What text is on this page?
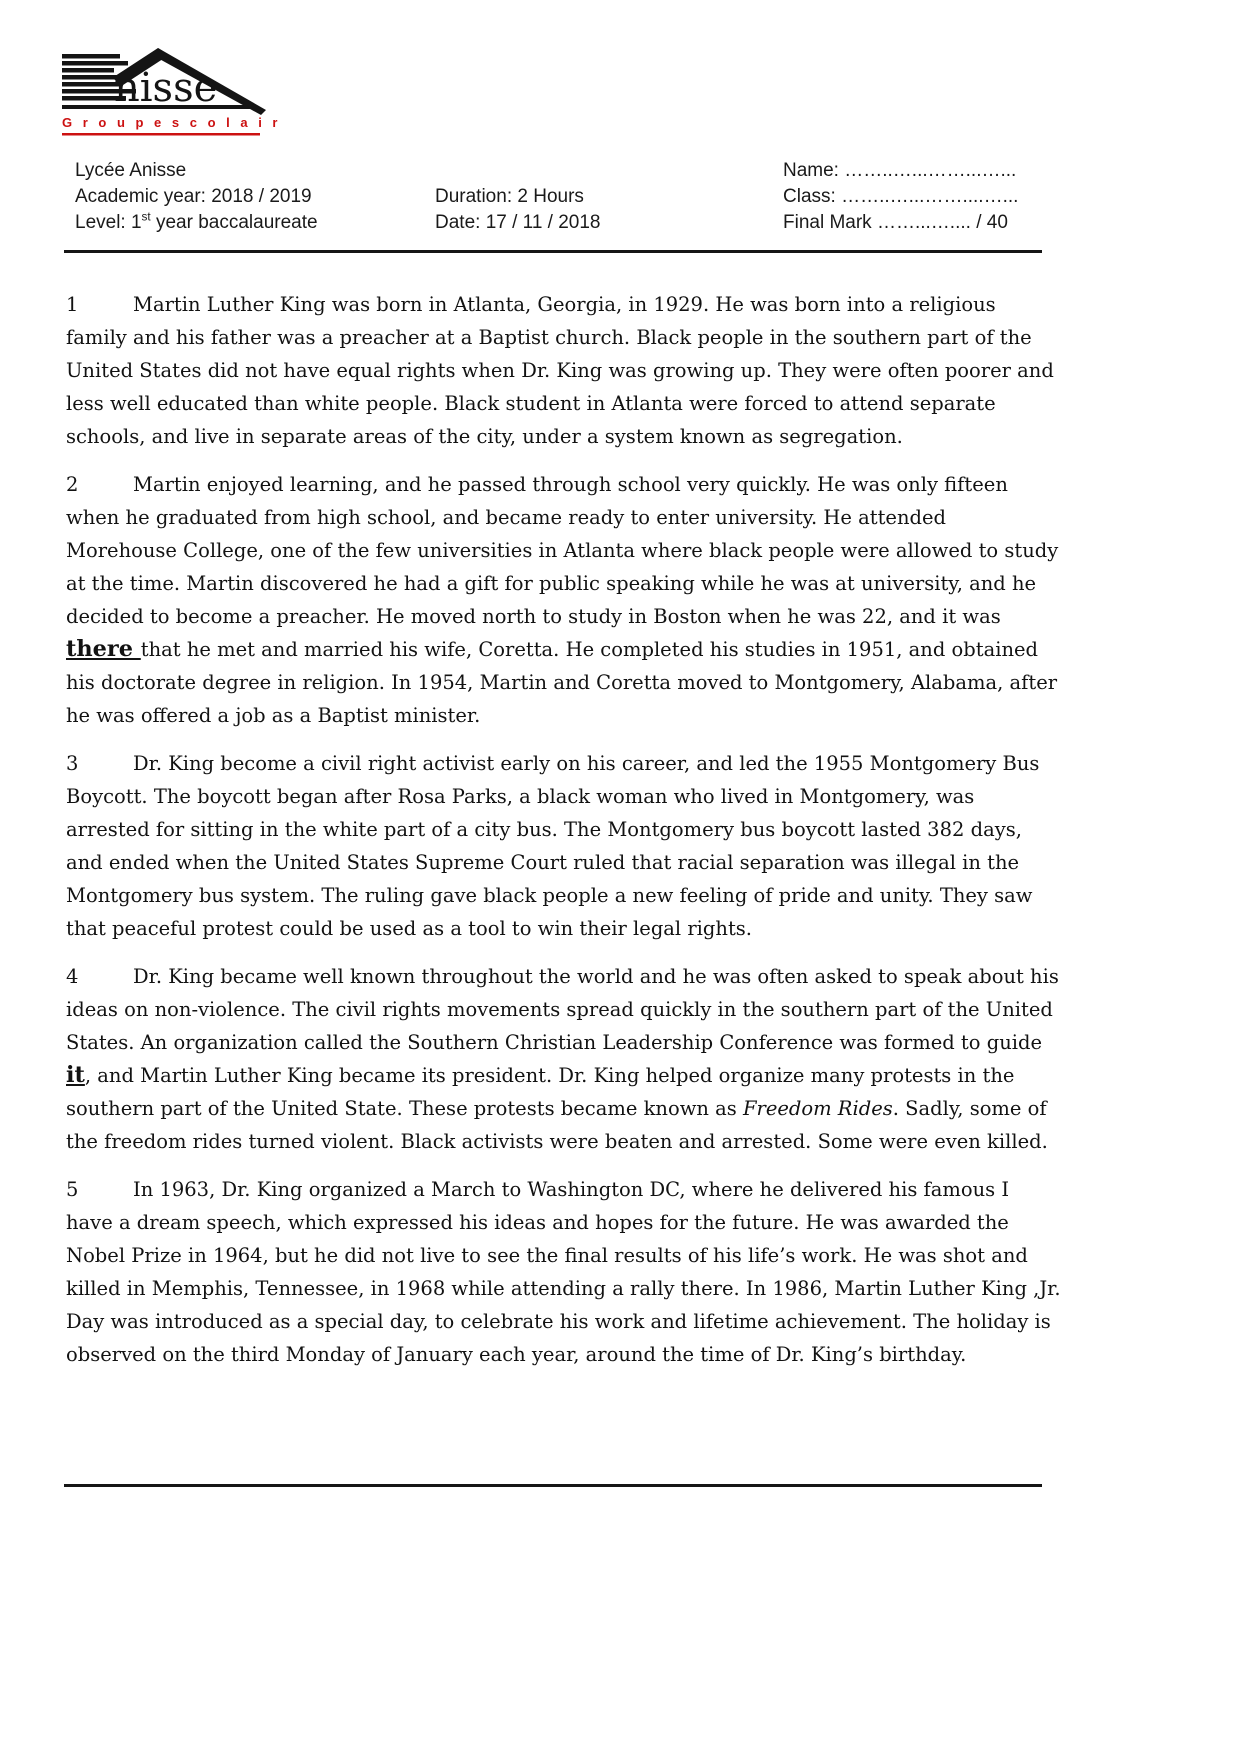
nisse
G r o u p e s c o l a i r e
Lycée Anisse
Academic year: 2018 / 2019
Level: 1st year baccalaureate
Duration: 2 Hours
Date: 17 / 11 / 2018
Name: ……..…...……...…...
Class: ……..…...……....…...
Final Mark ……...….... / 40

1	Martin Luther King was born in Atlanta, Georgia, in 1929. He was born into a religious family and his father was a preacher at a Baptist church. Black people in the southern part of the United States did not have equal rights when Dr. King was growing up. They were often poorer and less well educated than white people. Black student in Atlanta were forced to attend separate schools, and live in separate areas of the city, under a system known as segregation.

2	Martin enjoyed learning, and he passed through school very quickly. He was only fifteen when he graduated from high school, and became ready to enter university. He attended Morehouse College, one of the few universities in Atlanta where black people were allowed to study at the time. Martin discovered he had a gift for public speaking while he was at university, and he decided to become a preacher. He moved north to study in Boston when he was 22, and it was there that he met and married his wife, Coretta. He completed his studies in 1951, and obtained his doctorate degree in religion. In 1954, Martin and Coretta moved to Montgomery, Alabama, after he was offered a job as a Baptist minister.

3	Dr. King become a civil right activist early on his career, and led the 1955 Montgomery Bus Boycott. The boycott began after Rosa Parks, a black woman who lived in Montgomery, was arrested for sitting in the white part of a city bus. The Montgomery bus boycott lasted 382 days, and ended when the United States Supreme Court ruled that racial separation was illegal in the Montgomery bus system. The ruling gave black people a new feeling of pride and unity. They saw that peaceful protest could be used as a tool to win their legal rights.

4	Dr. King became well known throughout the world and he was often asked to speak about his ideas on non-violence. The civil rights movements spread quickly in the southern part of the United States. An organization called the Southern Christian Leadership Conference was formed to guide it, and Martin Luther King became its president. Dr. King helped organize many protests in the southern part of the United State. These protests became known as Freedom Rides. Sadly, some of the freedom rides turned violent. Black activists were beaten and arrested. Some were even killed.

5	In 1963, Dr. King organized a March to Washington DC, where he delivered his famous I have a dream speech, which expressed his ideas and hopes for the future. He was awarded the Nobel Prize in 1964, but he did not live to see the final results of his life’s work. He was shot and killed in Memphis, Tennessee, in 1968 while attending a rally there. In 1986, Martin Luther King ,Jr. Day was introduced as a special day, to celebrate his work and lifetime achievement. The holiday is observed on the third Monday of January each year, around the time of Dr. King’s birthday.
